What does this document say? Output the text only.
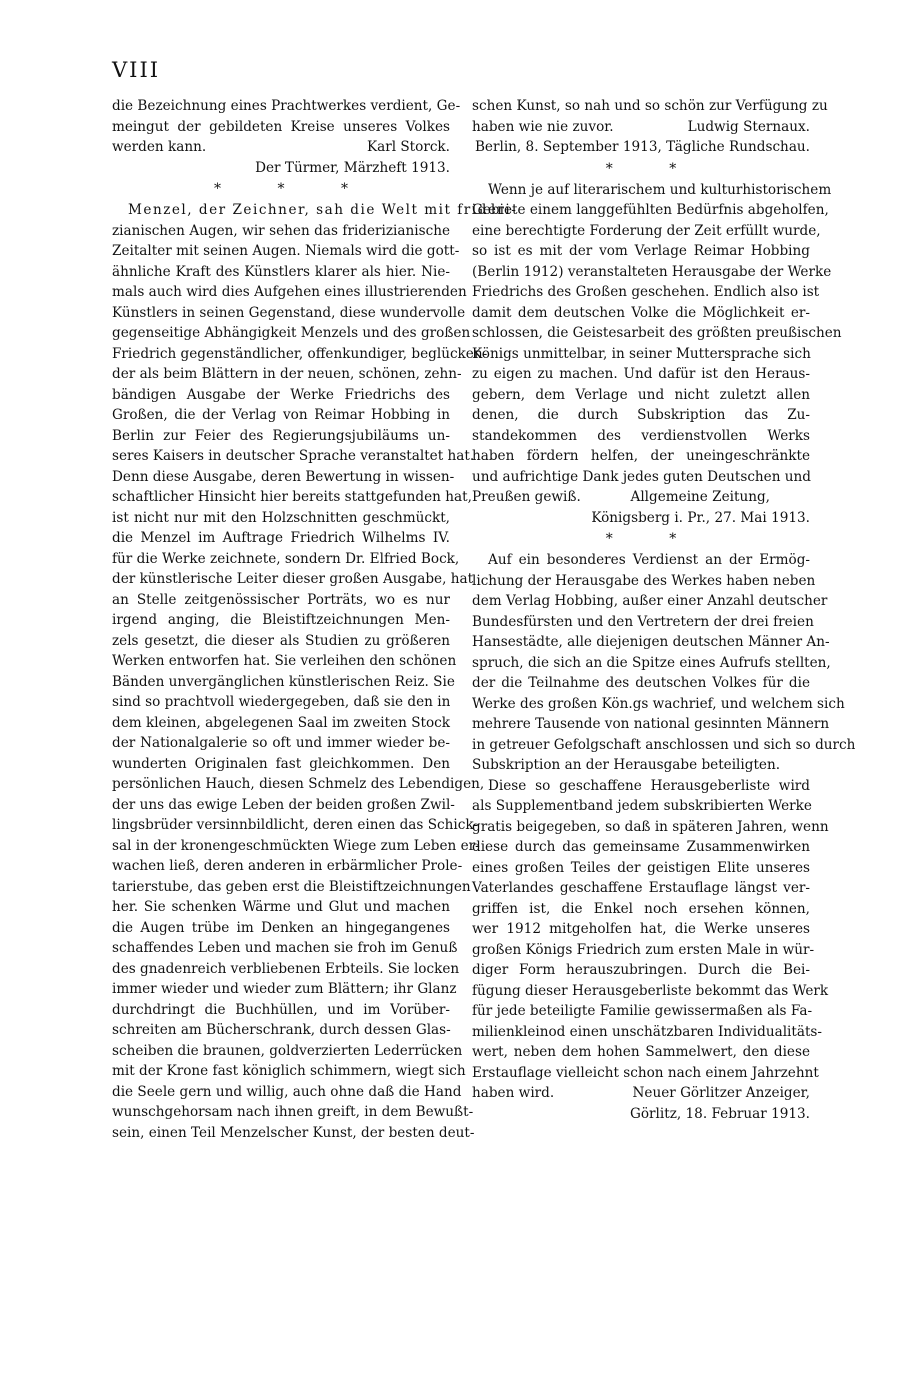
VIII

die Bezeichnung eines Prachtwerkes verdient, Ge-

meingut der gebildeten Kreise unseres Volkes

werden kann.	Karl Storck.

Der Türmer, Märzheft 1913.

* * *

Menzel, der Zeichner, sah die Welt mit frideri-

zianischen Augen, wir sehen das friderizianische

Zeitalter mit seinen Augen. Niemals wird die gott-

ähnliche Kraft des Künstlers klarer als hier. Nie-

mals auch wird dies Aufgehen eines illustrierenden

Künstlers in seinen Gegenstand, diese wundervolle

gegenseitige Abhängigkeit Menzels und des großen

Friedrich gegenständlicher, offenkundiger, beglücken-

der als beim Blättern in der neuen, schönen, zehn-

bändigen Ausgabe der Werke Friedrichs des

Großen, die der Verlag von Reimar Hobbing in

Berlin zur Feier des Regierungsjubiläums un-

seres Kaisers in deutscher Sprache veranstaltet hat.

Denn diese Ausgabe, deren Bewertung in wissen-

schaftlicher Hinsicht hier bereits stattgefunden hat,

ist nicht nur mit den Holzschnitten geschmückt,

die Menzel im Auftrage Friedrich Wilhelms IV.

für die Werke zeichnete, sondern Dr. Elfried Bock,

der künstlerische Leiter dieser großen Ausgabe, hat

an Stelle zeitgenössischer Porträts, wo es nur

irgend anging, die Bleistiftzeichnungen Men-

zels gesetzt, die dieser als Studien zu größeren

Werken entworfen hat. Sie verleihen den schönen

Bänden unvergänglichen künstlerischen Reiz. Sie

sind so prachtvoll wiedergegeben, daß sie den in

dem kleinen, abgelegenen Saal im zweiten Stock

der Nationalgalerie so oft und immer wieder be-

wunderten Originalen fast gleichkommen. Den

persönlichen Hauch, diesen Schmelz des Lebendigen,

der uns das ewige Leben der beiden großen Zwil-

lingsbrüder versinnbildlicht, deren einen das Schick-

sal in der kronengeschmückten Wiege zum Leben er-

wachen ließ, deren anderen in erbärmlicher Prole-

tarierstube, das geben erst die Bleistiftzeichnungen

her. Sie schenken Wärme und Glut und machen

die Augen trübe im Denken an hingegangenes

schaffendes Leben und machen sie froh im Genuß

des gnadenreich verbliebenen Erbteils. Sie locken

immer wieder und wieder zum Blättern; ihr Glanz

durchdringt die Buchhüllen, und im Vorüber-

schreiten am Bücherschrank, durch dessen Glas-

scheiben die braunen, goldverzierten Lederrücken

mit der Krone fast königlich schimmern, wiegt sich

die Seele gern und willig, auch ohne daß die Hand

wunschgehorsam nach ihnen greift, in dem Bewußt-

sein, einen Teil Menzelscher Kunst, der besten deut-

schen Kunst, so nah und so schön zur Verfügung zu

haben wie nie zuvor.	Ludwig Sternaux.

Berlin, 8. September 1913, Tägliche Rundschau.

* *

Wenn je auf literarischem und kulturhistorischem

Gebiete einem langgefühlten Bedürfnis abgeholfen,

eine berechtigte Forderung der Zeit erfüllt wurde,

so ist es mit der vom Verlage Reimar Hobbing

(Berlin 1912) veranstalteten Herausgabe der Werke

Friedrichs des Großen geschehen. Endlich also ist

damit dem deutschen Volke die Möglichkeit er-

schlossen, die Geistesarbeit des größten preußischen

Königs unmittelbar, in seiner Muttersprache sich

zu eigen zu machen. Und dafür ist den Heraus-

gebern, dem Verlage und nicht zuletzt allen

denen, die durch Subskription das Zu-

standekommen des verdienstvollen Werks

haben fördern helfen, der uneingeschränkte

und aufrichtige Dank jedes guten Deutschen und

Preußen gewiß.	Allgemeine Zeitung,

Königsberg i. Pr., 27. Mai 1913.

* *

Auf ein besonderes Verdienst an der Ermög-

lichung der Herausgabe des Werkes haben neben

dem Verlag Hobbing, außer einer Anzahl deutscher

Bundesfürsten und den Vertretern der drei freien

Hansestädte, alle diejenigen deutschen Männer An-

spruch, die sich an die Spitze eines Aufrufs stellten,

der die Teilnahme des deutschen Volkes für die

Werke des großen Kön.gs wachrief, und welchem sich

mehrere Tausende von national gesinnten Männern

in getreuer Gefolgschaft anschlossen und sich so durch

Subskription an der Herausgabe beteiligten.

Diese so geschaffene Herausgeberliste wird

als Supplementband jedem subskribierten Werke

gratis beigegeben, so daß in späteren Jahren, wenn

diese durch das gemeinsame Zusammenwirken

eines großen Teiles der geistigen Elite unseres

Vaterlandes geschaffene Erstauflage längst ver-

griffen ist, die Enkel noch ersehen können,

wer 1912 mitgeholfen hat, die Werke unseres

großen Königs Friedrich zum ersten Male in wür-

diger Form herauszubringen. Durch die Bei-

fügung dieser Herausgeberliste bekommt das Werk

für jede beteiligte Familie gewissermaßen als Fa-

milienkleinod einen unschätzbaren Individualitäts-

wert, neben dem hohen Sammelwert, den diese

Erstauflage vielleicht schon nach einem Jahrzehnt

haben wird.	Neuer Görlitzer Anzeiger,

Görlitz, 18. Februar 1913.
